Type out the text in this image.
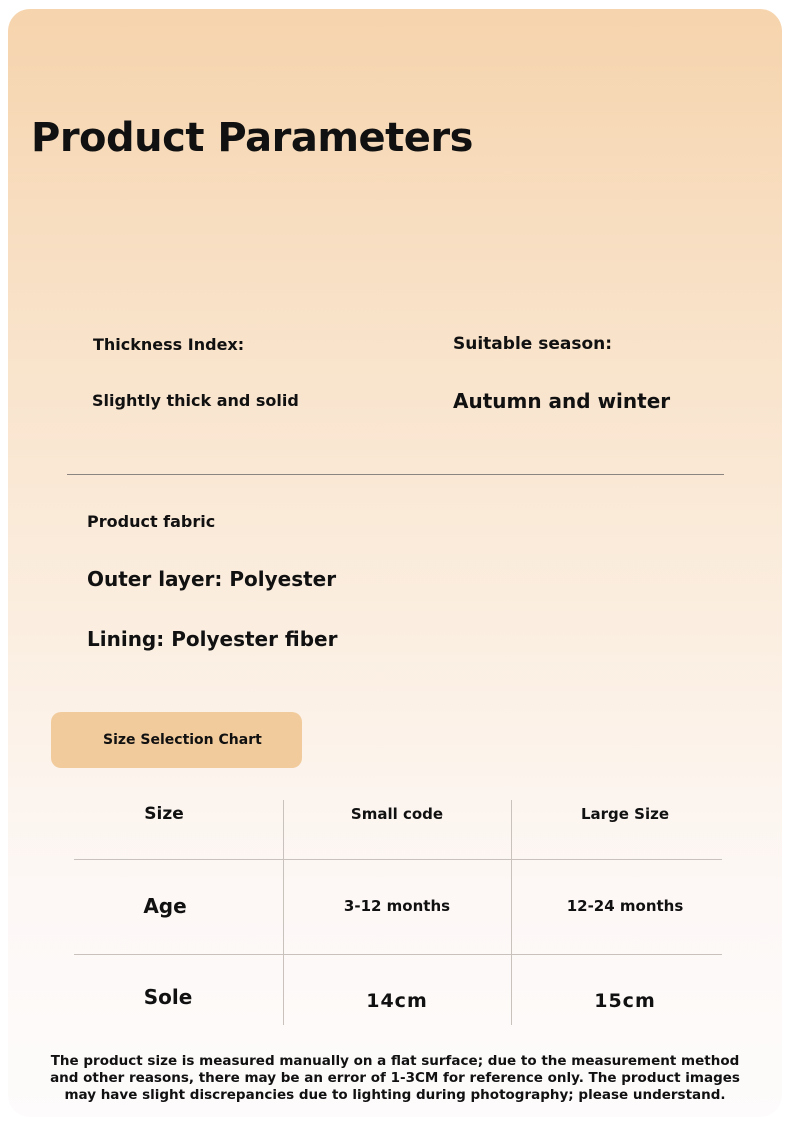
Product Parameters
Thickness Index:
Slightly thick and solid
Suitable season:
Autumn and winter
Product fabric
Outer layer: Polyester
Lining: Polyester fiber
Size Selection Chart
Size	Small code	Large Size
Age	3-12 months	12-24 months
Sole	14cm	15cm

The product size is measured manually on a flat surface; due to the measurement method and other reasons, there may be an error of 1-3CM for reference only. The product images may have slight discrepancies due to lighting during photography; please understand.
